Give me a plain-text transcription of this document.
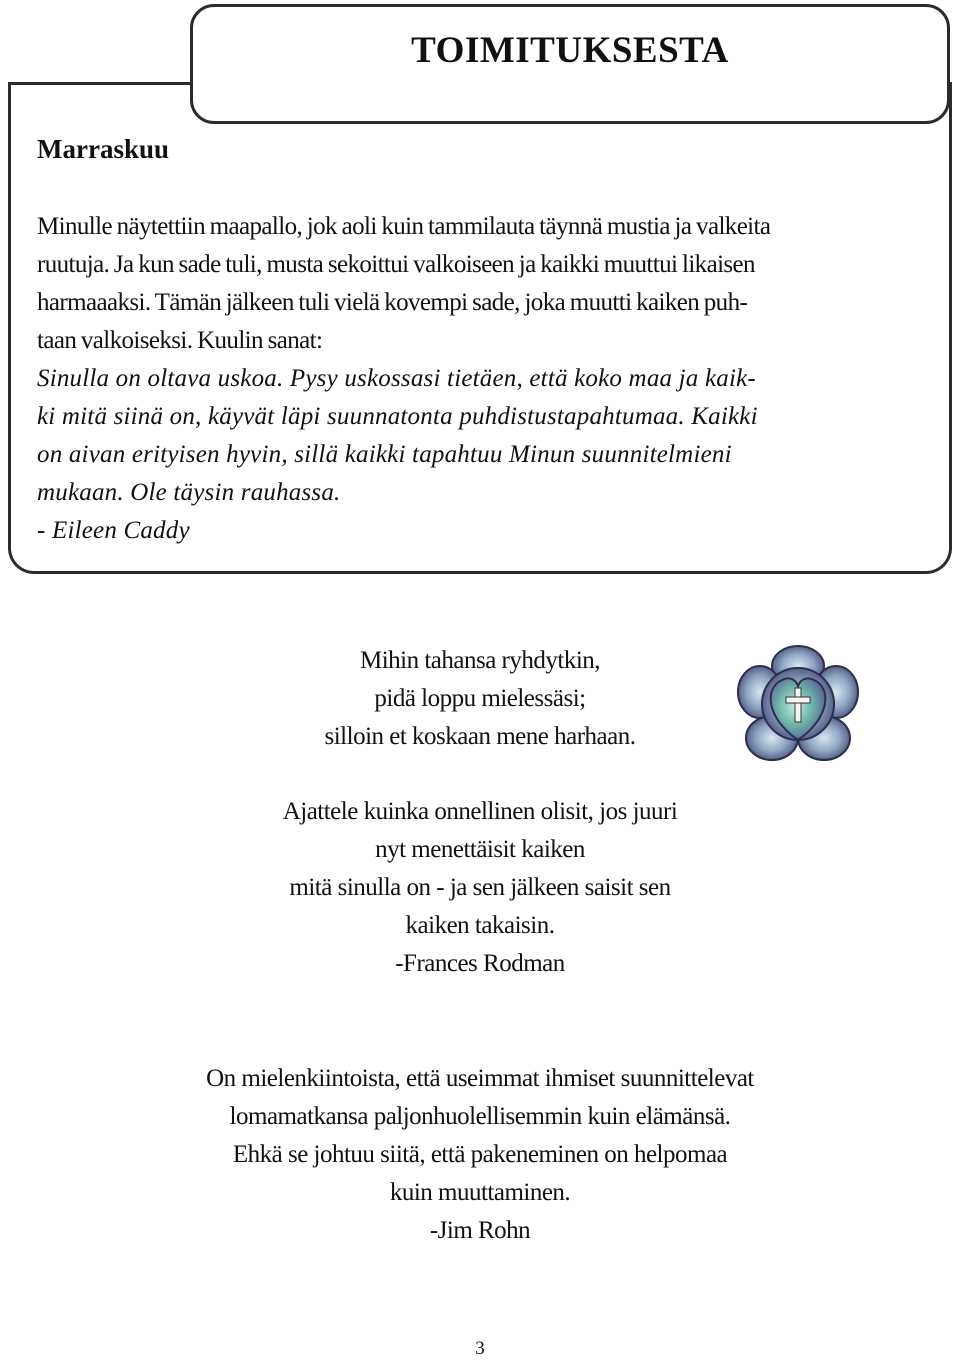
TOIMITUKSESTA
Marraskuu

Minulle näytettiin maapallo, jok aoli kuin tammilauta täynnä mustia ja valkeita
ruutuja. Ja kun sade tuli, musta sekoittui valkoiseen ja kaikki muuttui likaisen
harmaaaksi. Tämän jälkeen tuli vielä kovempi sade, joka muutti kaiken puh-
taan valkoiseksi. Kuulin sanat:

Sinulla on oltava uskoa. Pysy uskossasi tietäen, että koko maa ja kaik-
ki mitä siinä on, käyvät läpi suunnatonta puhdistustapahtumaa. Kaikki
on aivan erityisen hyvin, sillä kaikki tapahtuu Minun suunnitelmieni
mukaan. Ole täysin rauhassa.
- Eileen Caddy

Mihin tahansa ryhdytkin,
pidä loppu mielessäsi;
silloin et koskaan mene harhaan.
Ajattele kuinka onnellinen olisit, jos juuri
nyt menettäisit kaiken
mitä sinulla on - ja sen jälkeen saisit sen
kaiken takaisin.
-Frances Rodman
On mielenkiintoista, että useimmat ihmiset suunnittelevat
lomamatkansa paljonhuolellisemmin kuin elämänsä.
Ehkä se johtuu siitä, että pakeneminen on helpomaa
kuin muuttaminen.
-Jim Rohn
3
